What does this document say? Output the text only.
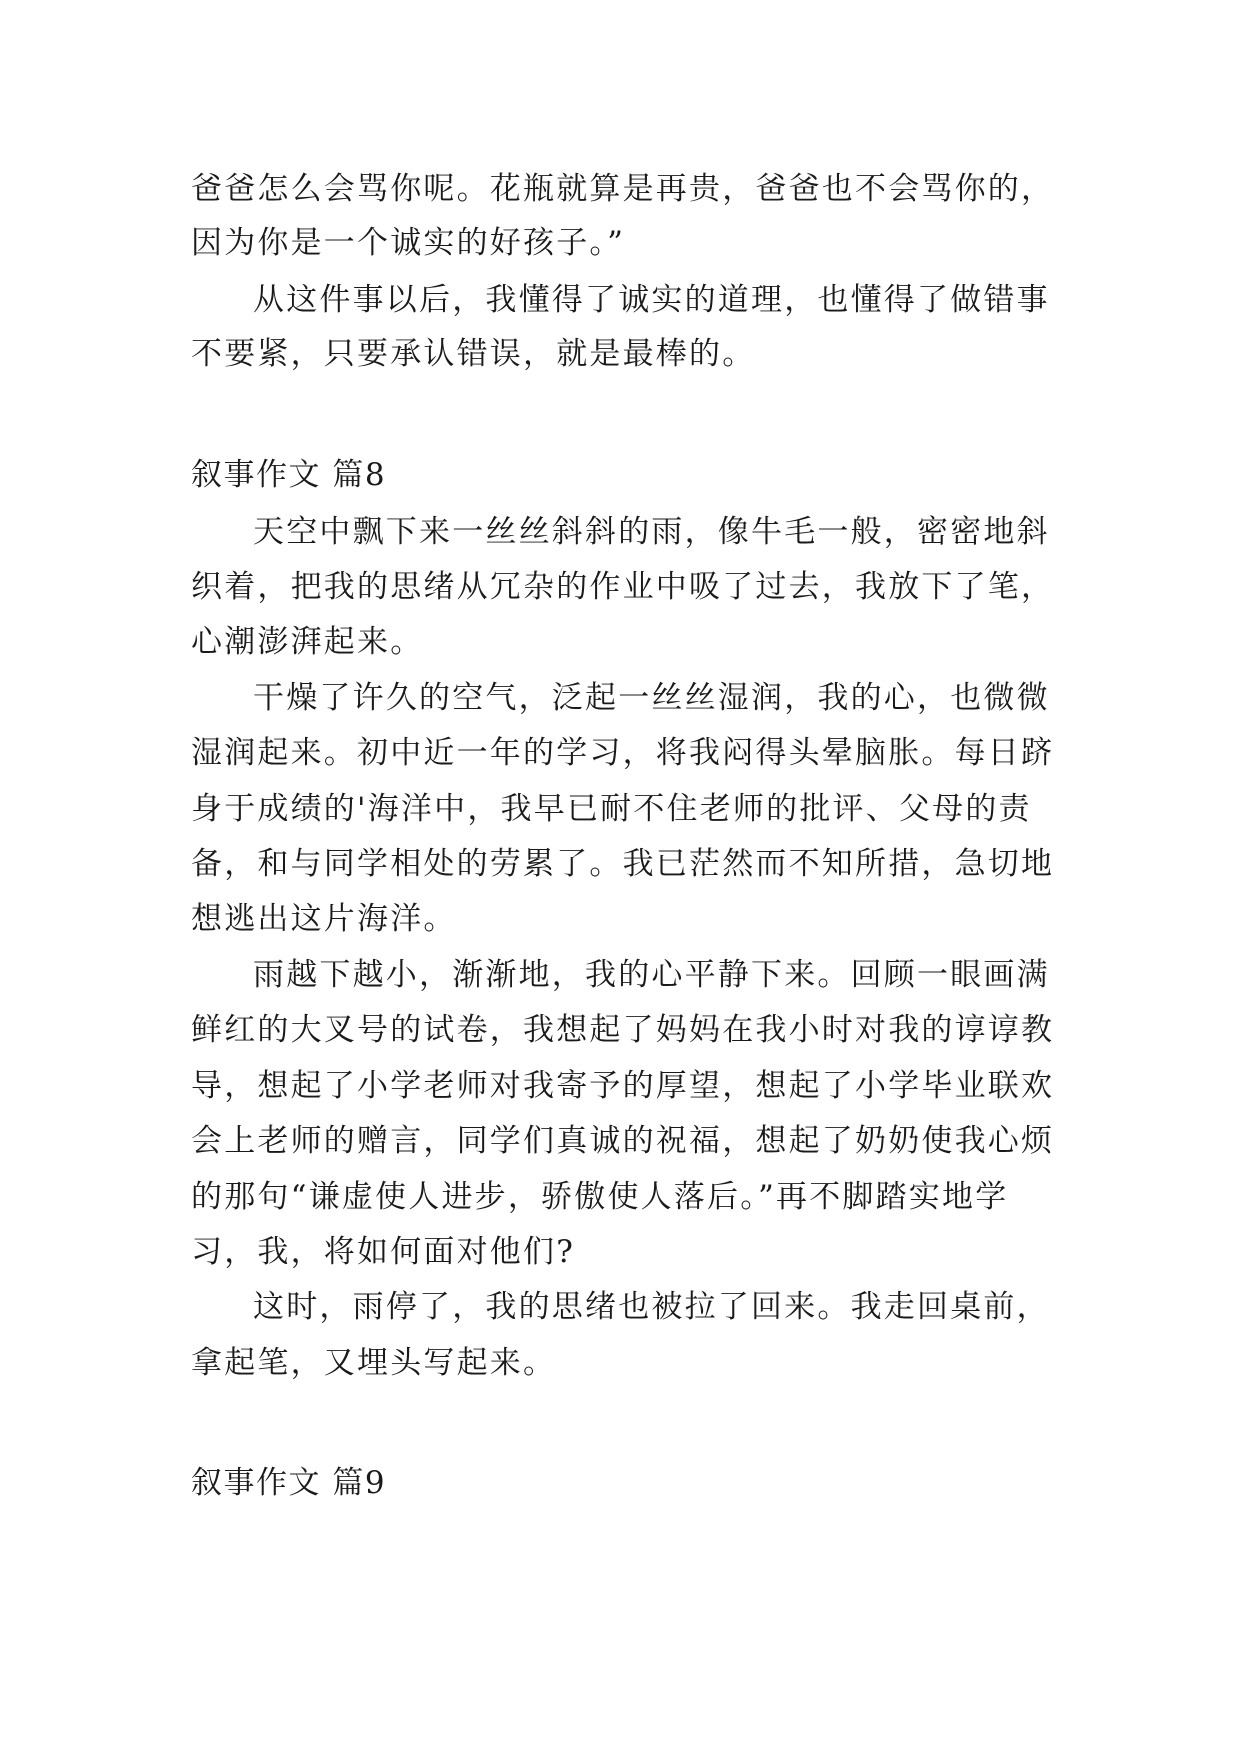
爸爸怎么会骂你呢。花瓶就算是再贵，爸爸也不会骂你的，
因为你是一个诚实的好孩子。”
从这件事以后，我懂得了诚实的道理，也懂得了做错事
不要紧，只要承认错误，就是最棒的。
叙事作文 篇8
天空中飘下来一丝丝斜斜的雨，像牛毛一般，密密地斜
织着，把我的思绪从冗杂的作业中吸了过去，我放下了笔，
心潮澎湃起来。
干燥了许久的空气，泛起一丝丝湿润，我的心，也微微
湿润起来。初中近一年的学习，将我闷得头晕脑胀。每日跻
身于成绩的'海洋中，我早已耐不住老师的批评、父母的责
备，和与同学相处的劳累了。我已茫然而不知所措，急切地
想逃出这片海洋。
雨越下越小，渐渐地，我的心平静下来。回顾一眼画满
鲜红的大叉号的试卷，我想起了妈妈在我小时对我的谆谆教
导，想起了小学老师对我寄予的厚望，想起了小学毕业联欢
会上老师的赠言，同学们真诚的祝福，想起了奶奶使我心烦
的那句“谦虚使人进步，骄傲使人落后。”再不脚踏实地学
习，我，将如何面对他们?
这时，雨停了，我的思绪也被拉了回来。我走回桌前，
拿起笔，又埋头写起来。
叙事作文 篇9
